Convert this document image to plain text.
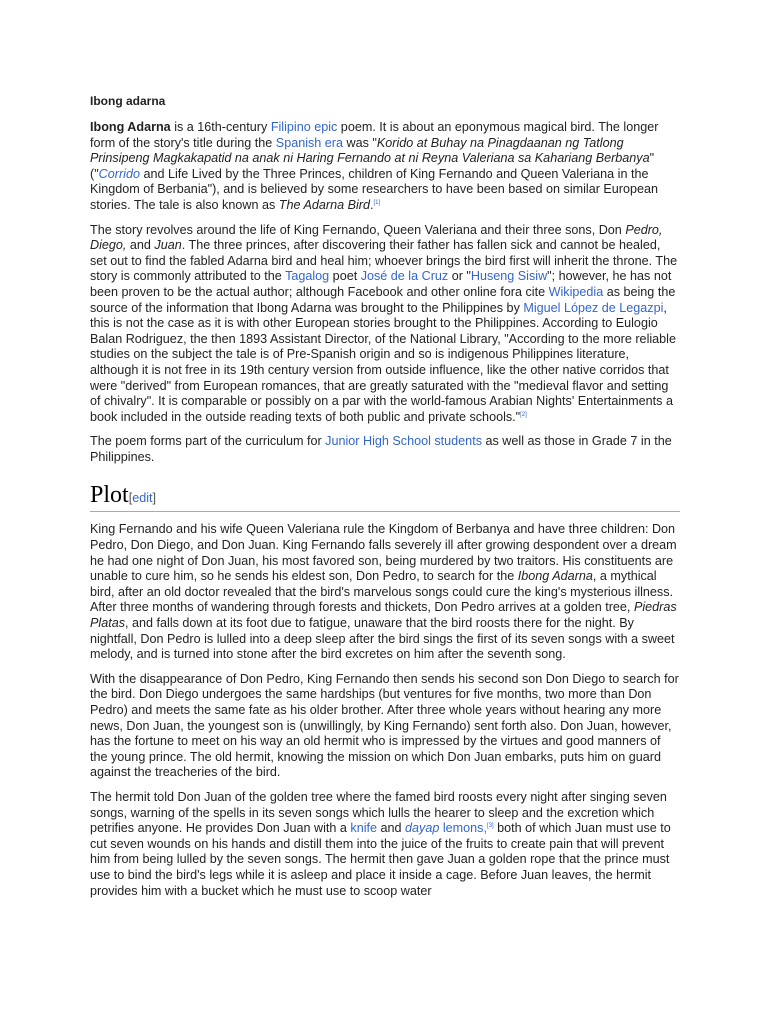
Ibong adarna

Ibong Adarna is a 16th-century Filipino epic poem. It is about an eponymous magical bird. The longer form of the story's title during the Spanish era was "Korido at Buhay na Pinagdaanan ng Tatlong Prinsipeng Magkakapatid na anak ni Haring Fernando at ni Reyna Valeriana sa Kahariang Berbanya" ("Corrido and Life Lived by the Three Princes, children of King Fernando and Queen Valeriana in the Kingdom of Berbania"), and is believed by some researchers to have been based on similar European stories. The tale is also known as The Adarna Bird.[1]

The story revolves around the life of King Fernando, Queen Valeriana and their three sons, Don Pedro, Diego, and Juan. The three princes, after discovering their father has fallen sick and cannot be healed, set out to find the fabled Adarna bird and heal him; whoever brings the bird first will inherit the throne. The story is commonly attributed to the Tagalog poet José de la Cruz or "Huseng Sisiw"; however, he has not been proven to be the actual author; although Facebook and other online fora cite Wikipedia as being the source of the information that Ibong Adarna was brought to the Philippines by Miguel López de Legazpi, this is not the case as it is with other European stories brought to the Philippines. According to Eulogio Balan Rodriguez, the then 1893 Assistant Director, of the National Library, "According to the more reliable studies on the subject the tale is of Pre-Spanish origin and so is indigenous Philippines literature, although it is not free in its 19th century version from outside influence, like the other native corridos that were "derived" from European romances, that are greatly saturated with the "medieval flavor and setting of chivalry". It is comparable or possibly on a par with the world-famous Arabian Nights' Entertainments a book included in the outside reading texts of both public and private schools."[2]

The poem forms part of the curriculum for Junior High School students as well as those in Grade 7 in the Philippines.

Plot[edit]

King Fernando and his wife Queen Valeriana rule the Kingdom of Berbanya and have three children: Don Pedro, Don Diego, and Don Juan. King Fernando falls severely ill after growing despondent over a dream he had one night of Don Juan, his most favored son, being murdered by two traitors. His constituents are unable to cure him, so he sends his eldest son, Don Pedro, to search for the Ibong Adarna, a mythical bird, after an old doctor revealed that the bird's marvelous songs could cure the king's mysterious illness. After three months of wandering through forests and thickets, Don Pedro arrives at a golden tree, Piedras Platas, and falls down at its foot due to fatigue, unaware that the bird roosts there for the night. By nightfall, Don Pedro is lulled into a deep sleep after the bird sings the first of its seven songs with a sweet melody, and is turned into stone after the bird excretes on him after the seventh song.

With the disappearance of Don Pedro, King Fernando then sends his second son Don Diego to search for the bird. Don Diego undergoes the same hardships (but ventures for five months, two more than Don Pedro) and meets the same fate as his older brother. After three whole years without hearing any more news, Don Juan, the youngest son is (unwillingly, by King Fernando) sent forth also. Don Juan, however, has the fortune to meet on his way an old hermit who is impressed by the virtues and good manners of the young prince. The old hermit, knowing the mission on which Don Juan embarks, puts him on guard against the treacheries of the bird.

The hermit told Don Juan of the golden tree where the famed bird roosts every night after singing seven songs, warning of the spells in its seven songs which lulls the hearer to sleep and the excretion which petrifies anyone. He provides Don Juan with a knife and dayap lemons,[3] both of which Juan must use to cut seven wounds on his hands and distill them into the juice of the fruits to create pain that will prevent him from being lulled by the seven songs. The hermit then gave Juan a golden rope that the prince must use to bind the bird's legs while it is asleep and place it inside a cage. Before Juan leaves, the hermit provides him with a bucket which he must use to scoop water
